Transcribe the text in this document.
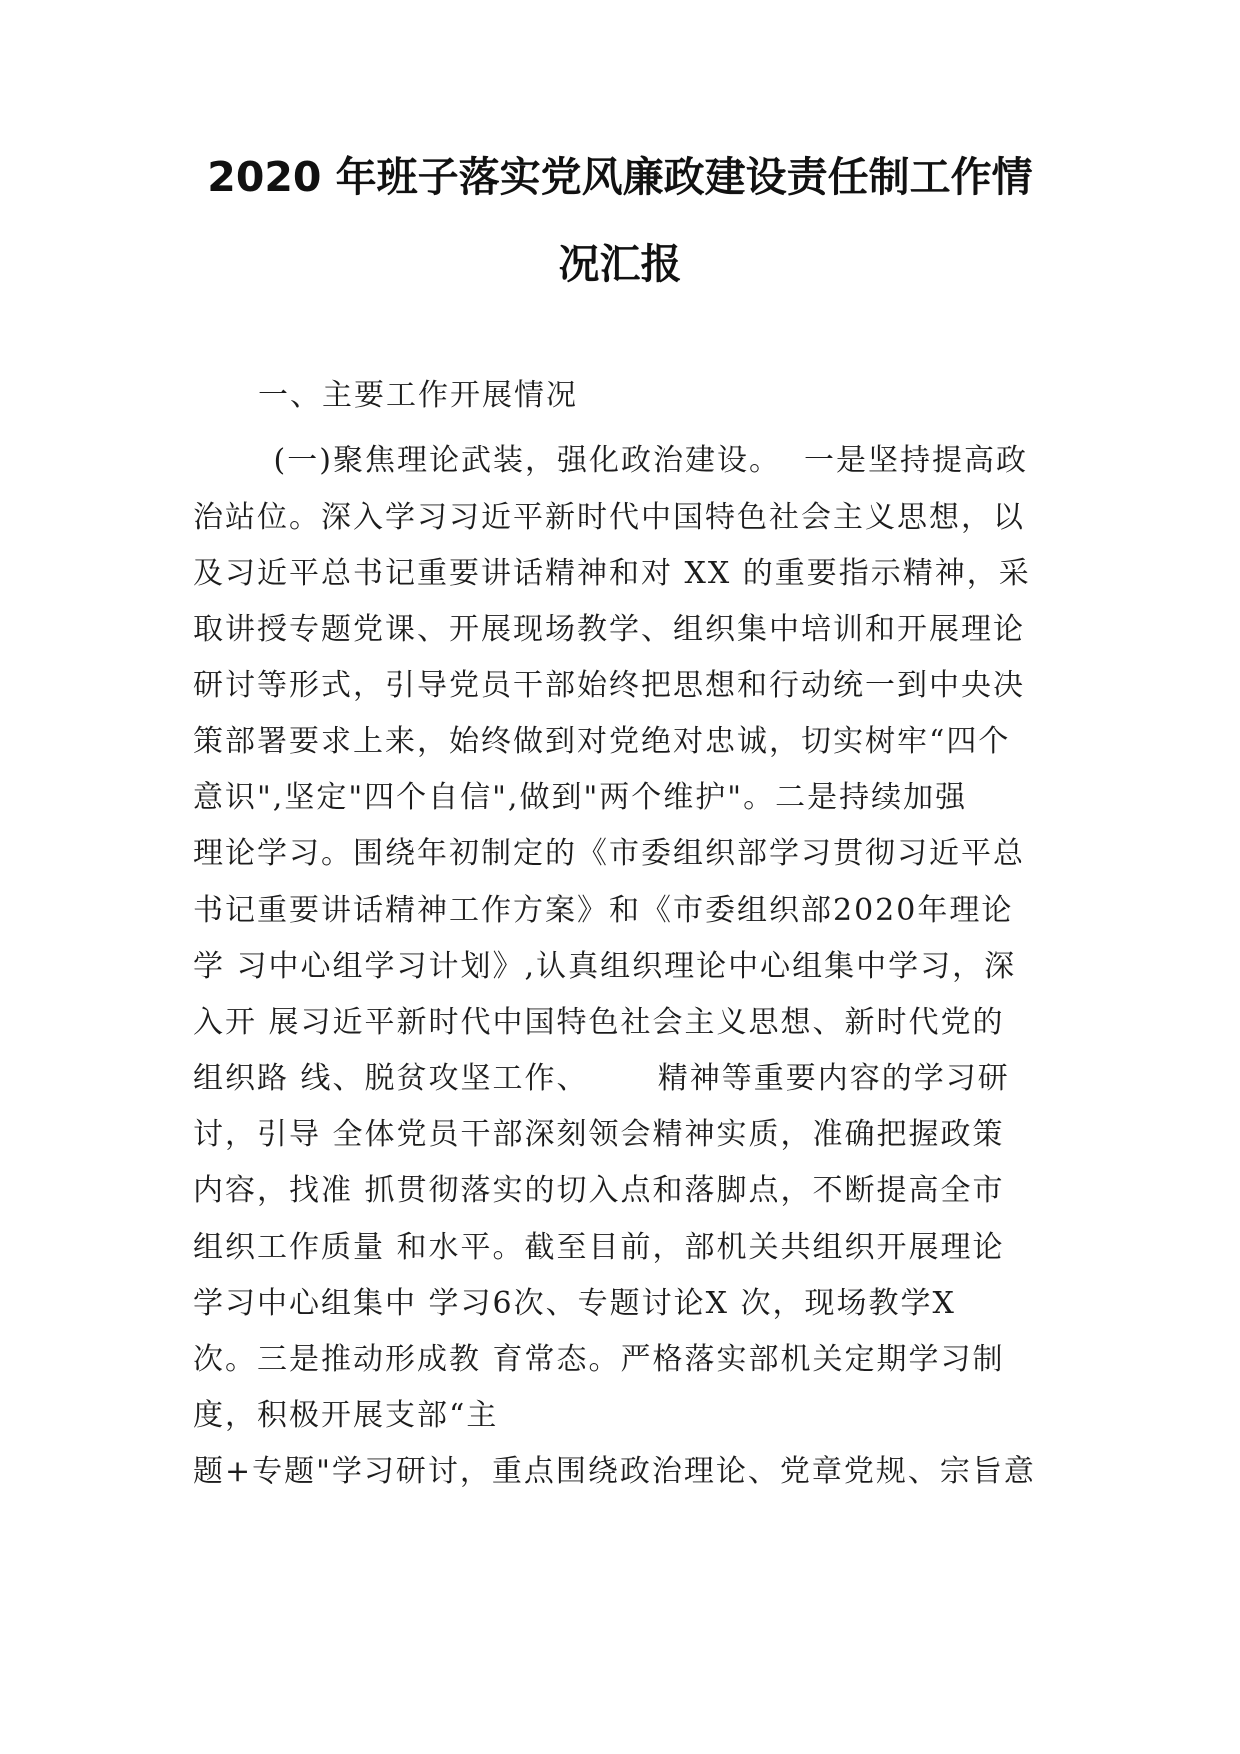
2020 年班子落实党风廉政建设责任制工作情
况汇报
一、主要工作开展情况
(一)聚焦理论武装，强化政治建设。  一是坚持提高政
治站位。深入学习习近平新时代中国特色社会主义思想，以
及习近平总书记重要讲话精神和对 XX 的重要指示精神，采
取讲授专题党课、开展现场教学、组织集中培训和开展理论
研讨等形式，引导党员干部始终把思想和行动统一到中央决
策部署要求上来，始终做到对党绝对忠诚，切实树牢“四个
意识",坚定"四个自信",做到"两个维护"。二是持续加强
理论学习。围绕年初制定的《市委组织部学习贯彻习近平总
书记重要讲话精神工作方案》和《市委组织部2020年理论
学 习中心组学习计划》,认真组织理论中心组集中学习，深
入开 展习近平新时代中国特色社会主义思想、新时代党的
组织路 线、脱贫攻坚工作、      精神等重要内容的学习研
讨，引导 全体党员干部深刻领会精神实质，准确把握政策
内容，找准 抓贯彻落实的切入点和落脚点，不断提高全市
组织工作质量 和水平。截至目前，部机关共组织开展理论
学习中心组集中 学习6次、专题讨论X 次，现场教学X
次。三是推动形成教 育常态。严格落实部机关定期学习制
度，积极开展支部“主
题+专题"学习研讨，重点围绕政治理论、党章党规、宗旨意
